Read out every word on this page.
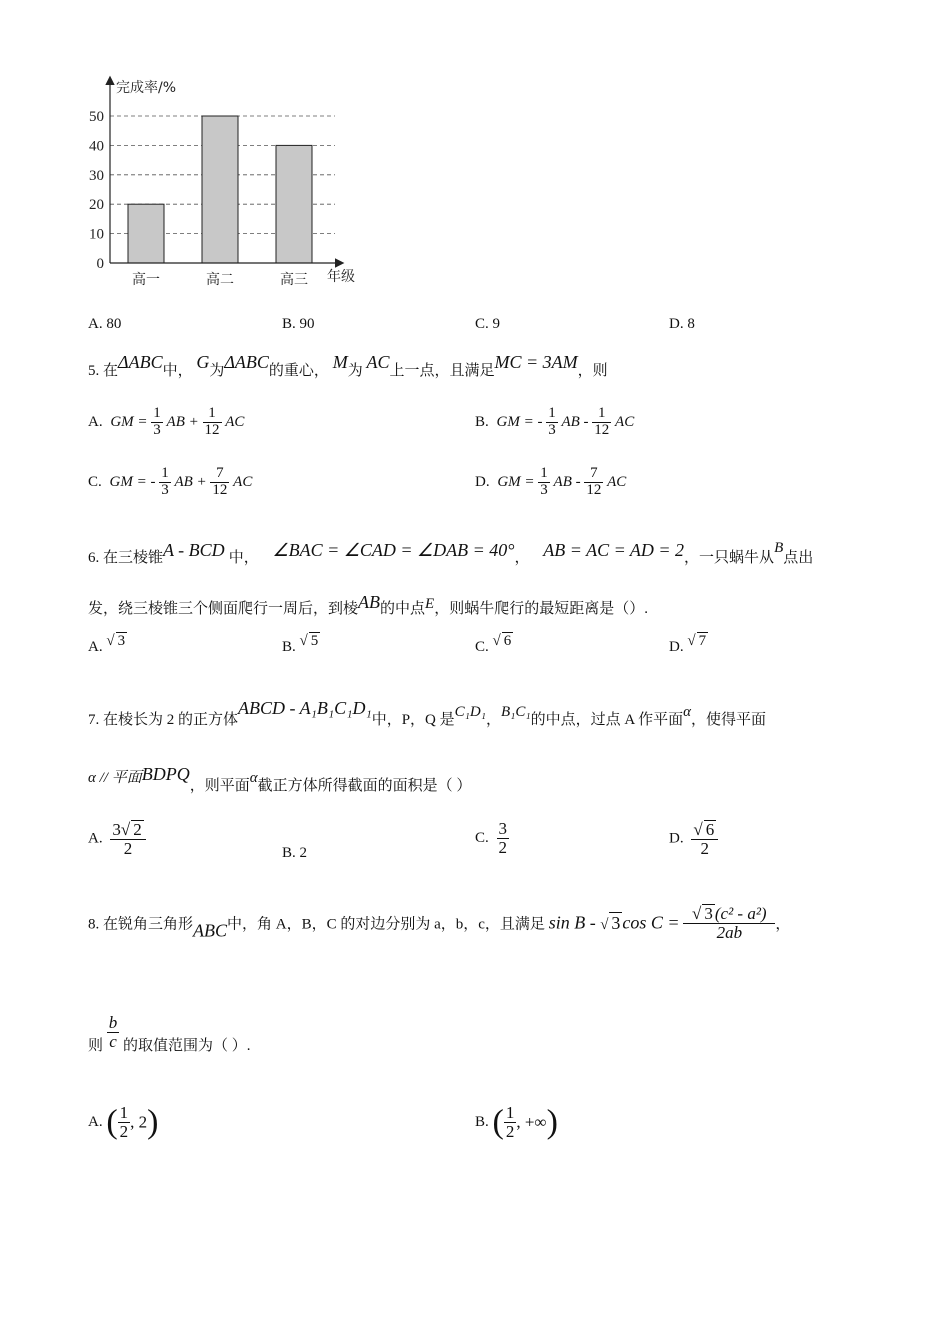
完成率/%
年级
0
10
20
30
40
50
高一	高二	高三
A. 80	B. 90	C. 9	D. 8
5. 在ΔABC中， G为ΔABC的重心， M为 AC上一点，且满足MC = 3AM，则
A. GM = $\frac{1}{3}$ AB + $\frac{1}{12}$ AC	B. GM = - $\frac{1}{3}$ AB - $\frac{1}{12}$ AC
C. GM = - $\frac{1}{3}$ AB + $\frac{7}{12}$ AC	D. GM = $\frac{1}{3}$ AB - $\frac{7}{12}$ AC
6. 在三棱锥A - BCD 中， ∠BAC = ∠CAD = ∠DAB = 40°， AB = AC = AD = 2，一只蜗牛从B点出
发，绕三棱锥三个侧面爬行一周后，到棱AB的中点E，则蜗牛爬行的最短距离是（）.
A. √ 3	B. √ 5	C. √ 6	D. √ 7
7. 在棱长为 2 的正方体ABCD - A₁B₁C₁D₁中，P，Q 是C₁D₁，B₁C₁的中点，过点 A 作平面α，使得平面
α // 平面BDPQ，则平面α截正方体所得截面的面积是（ ）
A. $\frac{3√ 2}{2}$	B. 2
C. $\frac{3}{2}$	D. $\frac{√ 6}{2}$
8. 在锐角三角形ABC中，角 A，B，C 的对边分别为 a，b，c，且满足 sin B - √ 3 $\cos C = \frac{\text{√ 3 (c² - a²)}}{2ab}$ ，
则 $\frac{b}{c}$ 的取值范围为（ ）.
A. ( $\frac{1}{2}$ , 2)	B. ( $\frac{1}{2}$ , +∞)
